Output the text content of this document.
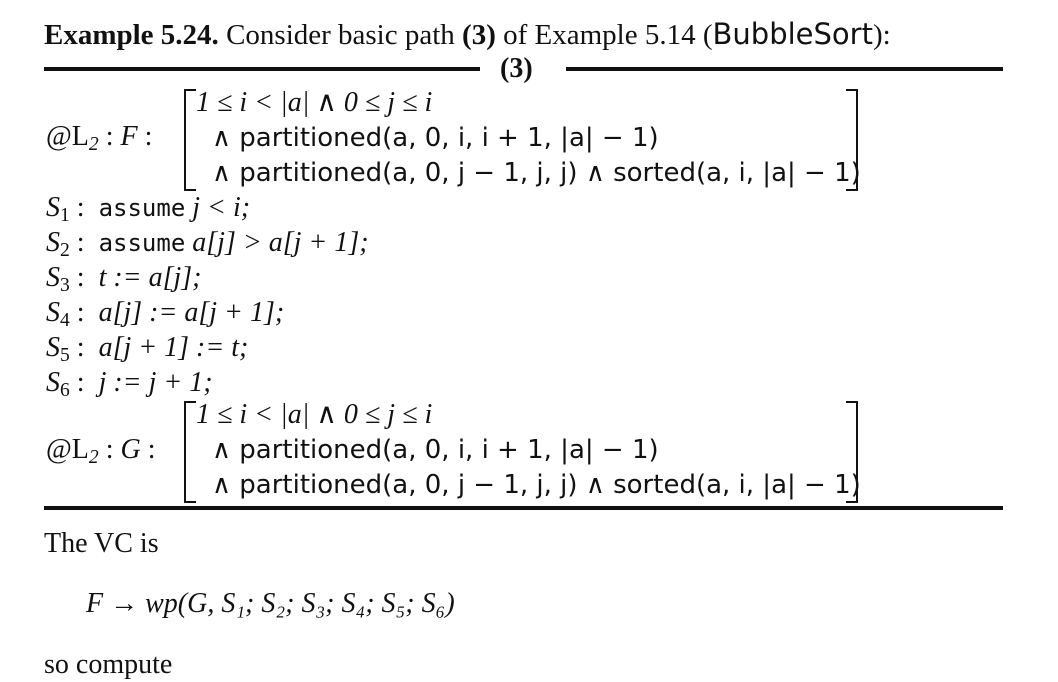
Example 5.24. Consider basic path (3) of Example 5.14 (BubbleSort):
(3)
$@L_2$ : F :
1 ≤ i < |a| ∧ 0 ≤ j ≤ i
∧ partitioned(a, 0, i, i + 1, |a| − 1)
∧ partitioned(a, 0, j − 1, j, j) ∧ sorted(a, i, |a| − 1)
$S_1$ :  assume j < i;
$S_2$ :  assume a[j] > a[j + 1];
$S_3$ :  t := a[j];
$S_4$ :  a[j] := a[j + 1];
$S_5$ :  a[j + 1] := t;
$S_6$ :  j := j + 1;
$@L_2$ : G :
1 ≤ i < |a| ∧ 0 ≤ j ≤ i
∧ partitioned(a, 0, i, i + 1, |a| − 1)
∧ partitioned(a, 0, j − 1, j, j) ∧ sorted(a, i, |a| − 1)
The VC is
F → wp(G, S₁; S₂; S₃; S₄; S₅; S₆)
so compute
